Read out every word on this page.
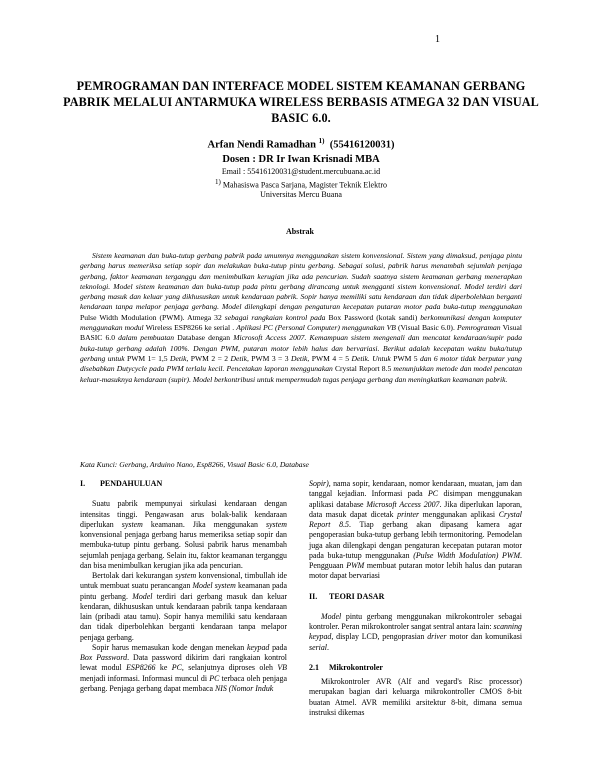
1
PEMROGRAMAN DAN INTERFACE MODEL SISTEM KEAMANAN GERBANG PABRIK MELALUI ANTARMUKA WIRELESS BERBASIS ATMEGA 32 DAN VISUAL BASIC 6.0.
Arfan Nendi Ramadhan $^{1)}$ (55416120031)
Dosen : DR Ir Iwan Krisnadi MBA
Email : 55416120031@student.mercubuana.ac.id
$^{1)}$ Mahasiswa Pasca Sarjana, Magister Teknik Elektro
Universitas Mercu Buana
Abstrak

Sistem keamanan dan buka-tutup gerbang pabrik pada umumnya menggunakan sistem konvensional. Sistem yang dimaksud, penjaga pintu gerbang harus memeriksa setiap sopir dan melakukan buka-tutup pintu gerbang. Sebagai solusi, pabrik harus menambah sejumlah penjaga gerbang, faktor keamanan terganggu dan menimbulkan kerugian jika ada pencurian. Sudah saatnya sistem keamanan gerbang menerapkan teknologi. Model sistem keamanan dan buka-tutup pada pintu gerbang dirancang untuk mengganti sistem konvensional. Model terdiri dari gerbang masuk dan keluar yang dikhususkan untuk kendaraan pabrik. Sopir hanya memiliki satu kendaraan dan tidak diperbolehkan berganti kendaraan tanpa melapor penjaga gerbang. Model dilengkapi dengan pengaturan kecepatan putaran motor pada buka-tutup menggunakan Pulse Width Modulation (PWM). Atmega 32 sebagai rangkaian kontrol pada Box Password (kotak sandi) berkomunikasi dengan komputer menggunakan modul Wireless ESP8266 ke serial . Aplikasi PC (Personal Computer) menggunakan VB (Visual Basic 6.0). Pemrograman Visual BASIC 6.0 dalam pembuatan Database dengan Microsoft Access 2007. Kemampuan sistem mengenali dan mencatat kendaraan/supir pada buka-tutup gerbang adalah 100%. Dengan PWM, putaran motor lebih halus dan bervariasi. Berikut adalah kecepatan waktu buka/tutup gerbang untuk PWM 1= 1,5 Detik, PWM 2 = 2 Detik, PWM 3 = 3 Detik, PWM 4 = 5 Detik. Untuk PWM 5 dan 6 motor tidak berputar yang disebabkan Dutycycle pada PWM terlalu kecil. Pencetakan laporan menggunakan Crystal Report 8.5 menunjukkan metode dan model pencatan keluar-masuknya kendaraan (supir). Model berkontribusi untuk mempermudah tugas penjaga gerbang dan meningkatkan keamanan pabrik.

Kata Kunci: Gerbang, Arduino Nano, Esp8266, Visual Basic 6.0, Database

I. PENDAHULUAN

Suatu pabrik mempunyai sirkulasi kendaraan dengan intensitas tinggi. Pengawasan arus bolak-balik kendaraan diperlukan system keamanan. Jika menggunakan system konvensional penjaga gerbang harus memeriksa setiap sopir dan membuka-tutup pintu gerbang. Solusi pabrik harus menambah sejumlah penjaga gerbang. Selain itu, faktor keamanan terganggu dan bisa menimbulkan kerugian jika ada pencurian.

Bertolak dari kekurangan system konvensional, timbullah ide untuk membuat suatu perancangan Model system keamanan pada pintu gerbang. Model terdiri dari gerbang masuk dan keluar kendaran, dikhususkan untuk kendaraan pabrik tanpa kendaraan lain (pribadi atau tamu). Sopir hanya memiliki satu kendaraan dan tidak diperbolehkan berganti kendaraan tanpa melapor penjaga gerbang.

Sopir harus memasukan kode dengan menekan keypad pada Box Password. Data password dikirim dari rangkaian kontrol lewat modul ESP8266 ke PC, selanjutnya diproses oleh VB menjadi informasi. Informasi muncul di PC terbaca oleh penjaga gerbang. Penjaga gerbang dapat membaca NIS (Nomor Induk

Sopir), nama sopir, kendaraan, nomor kendaraan, muatan, jam dan tanggal kejadian. Informasi pada PC disimpan menggunakan aplikasi database Microsoft Access 2007. Jika diperlukan laporan, data masuk dapat dicetak printer menggunakan aplikasi Crystal Report 8.5. Tiap gerbang akan dipasang kamera agar pengoperasian buka-tutup gerbang lebih termonitoring. Pemodelan juga akan dilengkapi dengan pengaturan kecepatan putaran motor pada buka-tutup menggunakan (Pulse Width Modulation) PWM. Pengguaan PWM membuat putaran motor lebih halus dan putaran motor dapat bervariasi

II. TEORI DASAR

Model pintu gerbang menggunakan mikrokontroler sebagai kontroler. Peran mikrokontroler sangat sentral antara lain: scanning keypad, display LCD, pengoprasian driver motor dan komunikasi serial.

2.1 Mikrokontroler

Mikrokontroler AVR (Alf and vegard's Risc processor) merupakan bagian dari keluarga mikrokontroller CMOS 8-bit buatan Atmel. AVR memiliki arsitektur 8-bit, dimana semua instruksi dikemas
